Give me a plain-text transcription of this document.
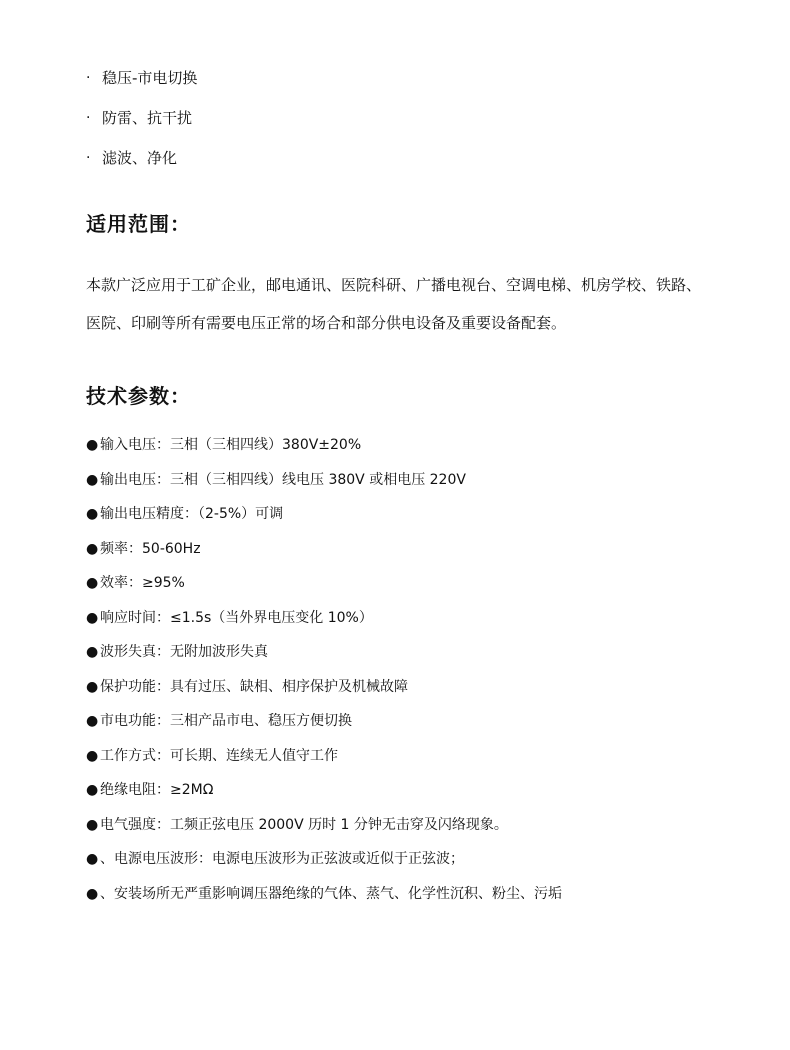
· 稳压-市电切换
· 防雷、抗干扰
· 滤波、净化
适用范围：

本款广泛应用于工矿企业，邮电通讯、医院科研、广播电视台、空调电梯、机房学校、铁路、医院、印刷等所有需要电压正常的场合和部分供电设备及重要设备配套。

技术参数：
● 输入电压：三相（三相四线）380V±20%
● 输出电压：三相（三相四线）线电压 380V 或相电压 220V
● 输出电压精度：（2-5%）可调
● 频率：50-60Hz
● 效率：≥95%
● 响应时间：≤1.5s（当外界电压变化 10%）
● 波形失真：无附加波形失真
● 保护功能：具有过压、缺相、相序保护及机械故障
● 市电功能：三相产品市电、稳压方便切换
● 工作方式：可长期、连续无人值守工作
● 绝缘电阻：≥2MΩ
● 电气强度：工频正弦电压 2000V 历时 1 分钟无击穿及闪络现象。
● 、电源电压波形：电源电压波形为正弦波或近似于正弦波；
● 、安装场所无严重影响调压器绝缘的气体、蒸气、化学性沉积、粉尘、污垢
